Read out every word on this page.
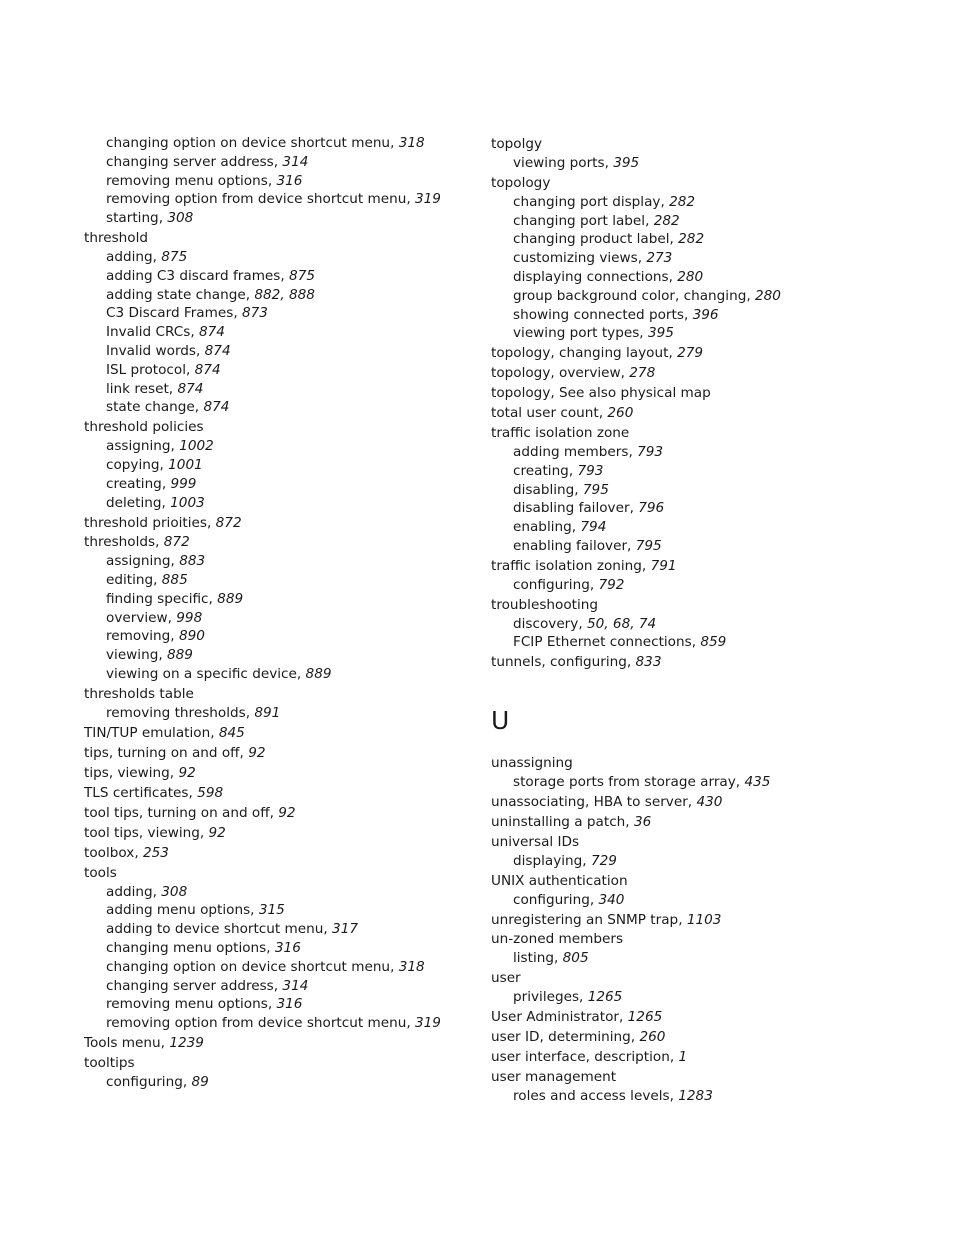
changing option on device shortcut menu, 318
changing server address, 314
removing menu options, 316
removing option from device shortcut menu, 319
starting, 308
threshold
adding, 875
adding C3 discard frames, 875
adding state change, 882, 888
C3 Discard Frames, 873
Invalid CRCs, 874
Invalid words, 874
ISL protocol, 874
link reset, 874
state change, 874
threshold policies
assigning, 1002
copying, 1001
creating, 999
deleting, 1003
threshold prioities, 872
thresholds, 872
assigning, 883
editing, 885
finding specific, 889
overview, 998
removing, 890
viewing, 889
viewing on a specific device, 889
thresholds table
removing thresholds, 891
TIN/TUP emulation, 845
tips, turning on and off, 92
tips, viewing, 92
TLS certificates, 598
tool tips, turning on and off, 92
tool tips, viewing, 92
toolbox, 253
tools
adding, 308
adding menu options, 315
adding to device shortcut menu, 317
changing menu options, 316
changing option on device shortcut menu, 318
changing server address, 314
removing menu options, 316
removing option from device shortcut menu, 319
Tools menu, 1239
tooltips
configuring, 89
topolgy
viewing ports, 395
topology
changing port display, 282
changing port label, 282
changing product label, 282
customizing views, 273
displaying connections, 280
group background color, changing, 280
showing connected ports, 396
viewing port types, 395
topology, changing layout, 279
topology, overview, 278
topology, See also physical map
total user count, 260
traffic isolation zone
adding members, 793
creating, 793
disabling, 795
disabling failover, 796
enabling, 794
enabling failover, 795
traffic isolation zoning, 791
configuring, 792
troubleshooting
discovery, 50, 68, 74
FCIP Ethernet connections, 859
tunnels, configuring, 833
U
unassigning
storage ports from storage array, 435
unassociating, HBA to server, 430
uninstalling a patch, 36
universal IDs
displaying, 729
UNIX authentication
configuring, 340
unregistering an SNMP trap, 1103
un-zoned members
listing, 805
user
privileges, 1265
User Administrator, 1265
user ID, determining, 260
user interface, description, 1
user management
roles and access levels, 1283
